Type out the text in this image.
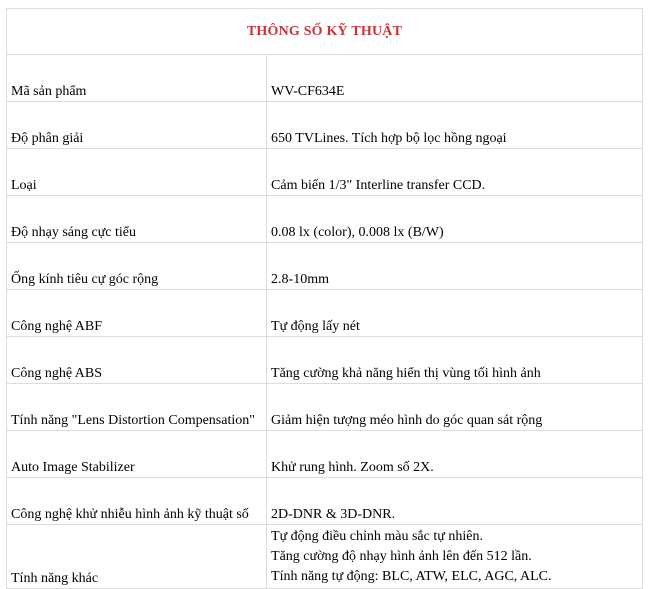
THÔNG SỐ KỸ THUẬT	
Mã sản phẩm	WV-CF634E
Độ phân giải	650 TVLines. Tích hợp bộ lọc hồng ngoại
Loại	Cảm biến 1/3" Interline transfer CCD.
Độ nhạy sáng cực tiểu	0.08 lx (color), 0.008 lx (B/W)
Ống kính tiêu cự góc rộng	2.8-10mm
Công nghệ ABF	Tự động lấy nét
Công nghệ ABS	Tăng cường khả năng hiển thị vùng tối hình ảnh
Tính năng "Lens Distortion Compensation"	Giảm hiện tượng méo hình do góc quan sát rộng
Auto Image Stabilizer	Khử rung hình. Zoom số 2X.
Công nghệ khử nhiễu hình ảnh kỹ thuật số	2D-DNR & 3D-DNR.
Tính năng khác	Tự động điều chỉnh màu sắc tự nhiên.
Tăng cường độ nhạy hình ảnh lên đến 512 lần.
Tính năng tự động: BLC, ATW, ELC, AGC, ALC.
